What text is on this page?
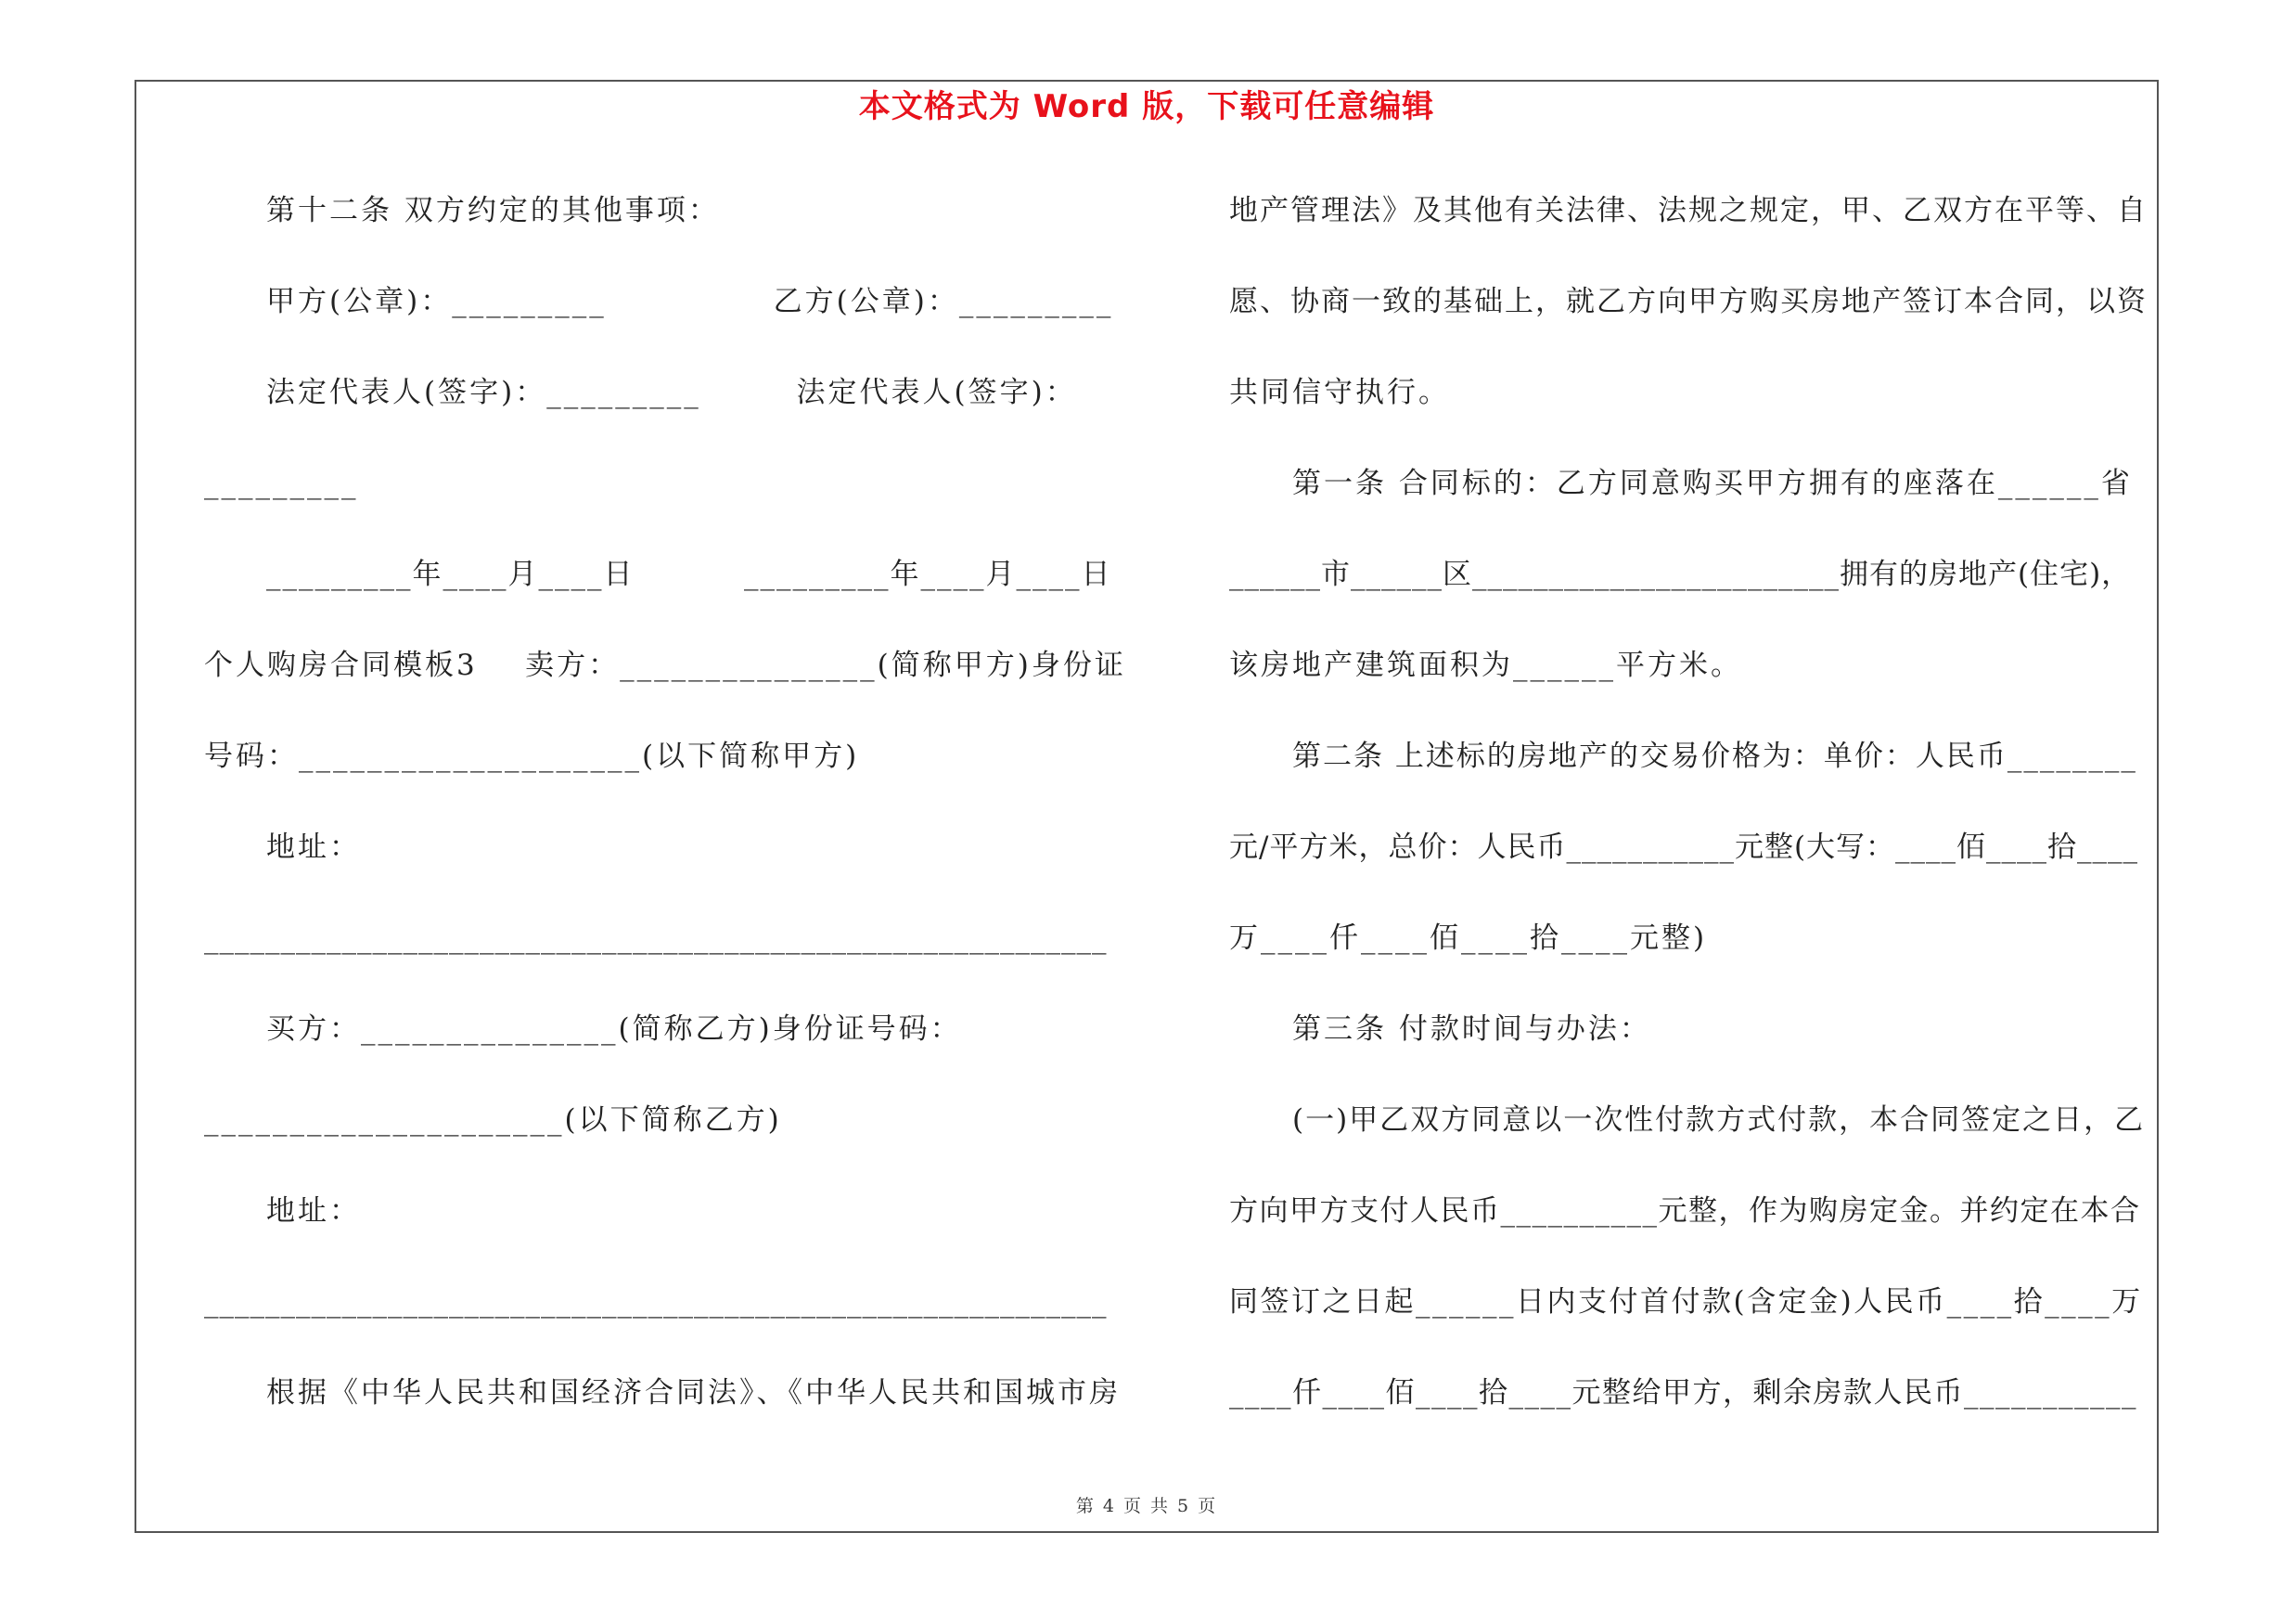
本文格式为 Word 版，下载可任意编辑
第十二条 双方约定的其他事项：
甲方(公章)：_________              乙方(公章)：_________
法定代表人(签字)：_________        法定代表人(签字)：
_________
_________年____月____日          _________年____月____日
个人购房合同模板3    卖方：_______________(简称甲方)身份证
号码：____________________(以下简称甲方)
地址：
___________________________________________________________
买方：_______________(简称乙方)身份证号码：
_____________________(以下简称乙方)
地址：
___________________________________________________________
根据《中华人民共和国经济合同法》、《中华人民共和国城市房
地产管理法》及其他有关法律、法规之规定，甲、乙双方在平等、自
愿、协商一致的基础上，就乙方向甲方购买房地产签订本合同，以资
共同信守执行。
第一条 合同标的：乙方同意购买甲方拥有的座落在______省
______市______区________________________拥有的房地产(住宅)，
该房地产建筑面积为______平方米。
第二条 上述标的房地产的交易价格为：单价：人民币________
元/平方米，总价：人民币___________元整(大写：____佰____拾____
万____仟____佰____拾____元整)
第三条 付款时间与办法：
(一)甲乙双方同意以一次性付款方式付款，本合同签定之日，乙
方向甲方支付人民币__________元整，作为购房定金。并约定在本合
同签订之日起______日内支付首付款(含定金)人民币____拾____万
____仟____佰____拾____元整给甲方，剩余房款人民币___________
第 4 页 共 5 页
